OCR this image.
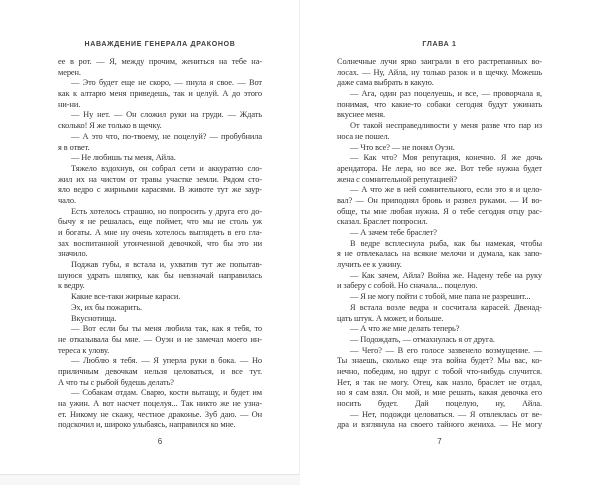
НАВАЖДЕНИЕ ГЕНЕРАЛА ДРАКОНОВ
ее в рот. — Я, между прочим, жениться на тебе на-
мерен.
— Это будет еще не скоро, — пнула я свое. — Вот
как к алтарю меня приведешь, так и целуй. А до этого
ни-ни.
— Ну нет. — Он сложил руки на груди. — Ждать
сколько! Я же только в щечку.
— А это что, по-твоему, не поцелуй? — пробубнила
я в ответ.
— Не любишь ты меня, Айла.
Тяжело вздохнув, он собрал сети и аккуратно сло-
жил их на чистом от травы участке земли. Рядом сто-
яло ведро с жирными карасями. В животе тут же заур-
чало.
Есть хотелось страшно, но попросить у друга его до-
бычу я не решалась, еще поймет, что мы не столь уж
и богаты. А мне ну очень хотелось выглядеть в его гла-
зах воспитанной утонченной девочкой, что бы это ни
значило.
Поджав губы, я встала и, ухватив тут же попытав-
шуюся удрать шляпку, как бы невзначай направилась
к ведру.
Какие все-таки жирные караси.
Эх, их бы пожарить.
Вкуснотища.
— Вот если бы ты меня любила так, как я тебя, то
не отказывала бы мне. — Оуэн и не замечал моего ин-
тереса к улову.
— Люблю я тебя. — Я уперла руки в бока. — Но
приличным девочкам нельзя целоваться, и все тут.
А что ты с рыбой будешь делать?
— Собакам отдам. Сварю, кости вытащу, и будет им
на ужин. А вот насчет поцелуя... Так никто же не узна-
ет. Никому не скажу, честное драконье. Зуб даю. — Он
подскочил и, широко улыбаясь, направился ко мне.
6
ГЛАВА 1
Солнечные лучи ярко заиграли в его растрепанных во-
лосах. — Ну, Айла, ну только разок и в щечку. Можешь
даже сама выбрать в какую.
— Ага, один раз поцелуешь, и все, — проворчала я,
понимая, что какие-то собаки сегодня будут ужинать
вкуснее меня.
От такой несправедливости у меня разве что пар из
носа не пошел.
— Что все? — не понял Оуэн.
— Как что? Моя репутация, конечно. Я же дочь
арендатора. Не лера, но все же. Вот тебе нужна будет
жена с сомнительной репутацией?
— А что же в ней сомнительного, если это я и цело-
вал? — Он приподнял бровь и развел руками. — И во-
обще, ты мне любая нужна. Я о тебе сегодня отцу рас-
сказал. Браслет попросил.
— А зачем тебе браслет?
В ведре всплеснула рыба, как бы намекая, чтобы
я не отвлекалась на всякие мелочи и думала, как запо-
лучить ее к ужину.
— Как зачем, Айла? Война же. Надену тебе на руку
и заберу с собой. Но сначала... поцелую.
— Я не могу пойти с тобой, мне папа не разрешит...
Я встала возле ведра и сосчитала карасей. Двенад-
цать штук. А может, и больше.
— А что же мне делать теперь?
— Подождать, — отмахнулась я от друга.
— Чего? — В его голосе зазвенело возмущение. —
Ты знаешь, сколько еще эта война будет? Мы вас, ко-
нечно, победим, но вдруг с тобой что-нибудь случится.
Нет, я так не могу. Отец, как назло, браслет не отдал,
но я сам взял. Он мой, и мне решать, какая девочка его
носить будет. Дай поцелую, ну, Айла.
— Нет, подожди целоваться. — Я отвлеклась от ве-
дра и взглянула на своего тайного жениха. — Не могу
7
